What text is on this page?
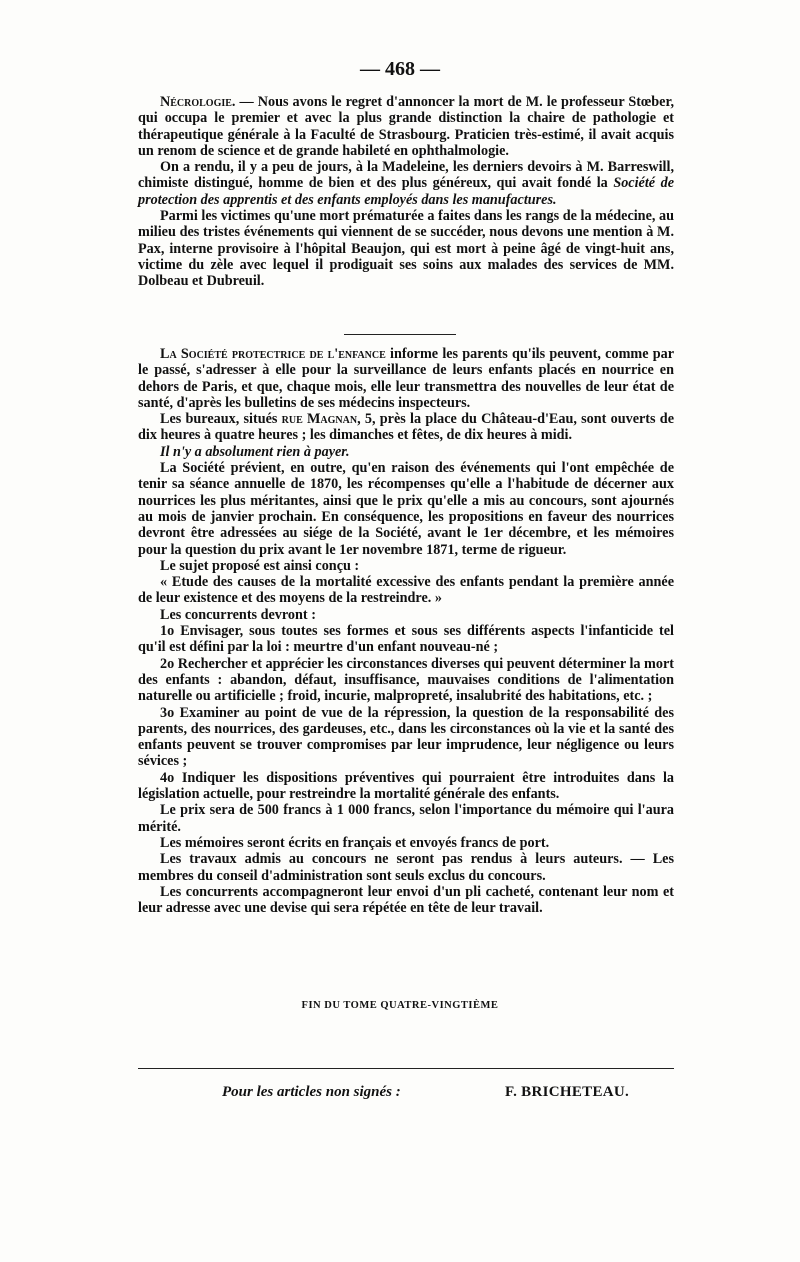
— 468 —

Nécrologie. — Nous avons le regret d'annoncer la mort de M. le professeur Stœber, qui occupa le premier et avec la plus grande distinction la chaire de pathologie et thérapeutique générale à la Faculté de Strasbourg. Praticien très-estimé, il avait acquis un renom de science et de grande habileté en ophthalmologie.

On a rendu, il y a peu de jours, à la Madeleine, les derniers devoirs à M. Barreswill, chimiste distingué, homme de bien et des plus généreux, qui avait fondé la Société de protection des apprentis et des enfants employés dans les manufactures.

Parmi les victimes qu'une mort prématurée a faites dans les rangs de la médecine, au milieu des tristes événements qui viennent de se succéder, nous devons une mention à M. Pax, interne provisoire à l'hôpital Beaujon, qui est mort à peine âgé de vingt-huit ans, victime du zèle avec lequel il prodiguait ses soins aux malades des services de MM. Dolbeau et Dubreuil.

La Société protectrice de l'enfance informe les parents qu'ils peuvent, comme par le passé, s'adresser à elle pour la surveillance de leurs enfants placés en nourrice en dehors de Paris, et que, chaque mois, elle leur transmettra des nouvelles de leur état de santé, d'après les bulletins de ses médecins inspecteurs.

Les bureaux, situés rue Magnan, 5, près la place du Château-d'Eau, sont ouverts de dix heures à quatre heures ; les dimanches et fêtes, de dix heures à midi.

Il n'y a absolument rien à payer.

La Société prévient, en outre, qu'en raison des événements qui l'ont empêchée de tenir sa séance annuelle de 1870, les récompenses qu'elle a l'habitude de décerner aux nourrices les plus méritantes, ainsi que le prix qu'elle a mis au concours, sont ajournés au mois de janvier prochain. En conséquence, les propositions en faveur des nourrices devront être adressées au siége de la Société, avant le 1er décembre, et les mémoires pour la question du prix avant le 1er novembre 1871, terme de rigueur.

Le sujet proposé est ainsi conçu :

« Etude des causes de la mortalité excessive des enfants pendant la première année de leur existence et des moyens de la restreindre. »

Les concurrents devront :

1o Envisager, sous toutes ses formes et sous ses différents aspects l'infanticide tel qu'il est défini par la loi : meurtre d'un enfant nouveau-né ;

2o Rechercher et apprécier les circonstances diverses qui peuvent déterminer la mort des enfants : abandon, défaut, insuffisance, mauvaises conditions de l'alimentation naturelle ou artificielle ; froid, incurie, malpropreté, insalubrité des habitations, etc. ;

3o Examiner au point de vue de la répression, la question de la responsabilité des parents, des nourrices, des gardeuses, etc., dans les circonstances où la vie et la santé des enfants peuvent se trouver compromises par leur imprudence, leur négligence ou leurs sévices ;

4o Indiquer les dispositions préventives qui pourraient être introduites dans la législation actuelle, pour restreindre la mortalité générale des enfants.

Le prix sera de 500 francs à 1 000 francs, selon l'importance du mémoire qui l'aura mérité.

Les mémoires seront écrits en français et envoyés francs de port.

Les travaux admis au concours ne seront pas rendus à leurs auteurs. — Les membres du conseil d'administration sont seuls exclus du concours.

Les concurrents accompagneront leur envoi d'un pli cacheté, contenant leur nom et leur adresse avec une devise qui sera répétée en tête de leur travail.

FIN DU TOME QUATRE-VINGTIÈME
Pour les articles non signés :	F. BRICHETEAU.
